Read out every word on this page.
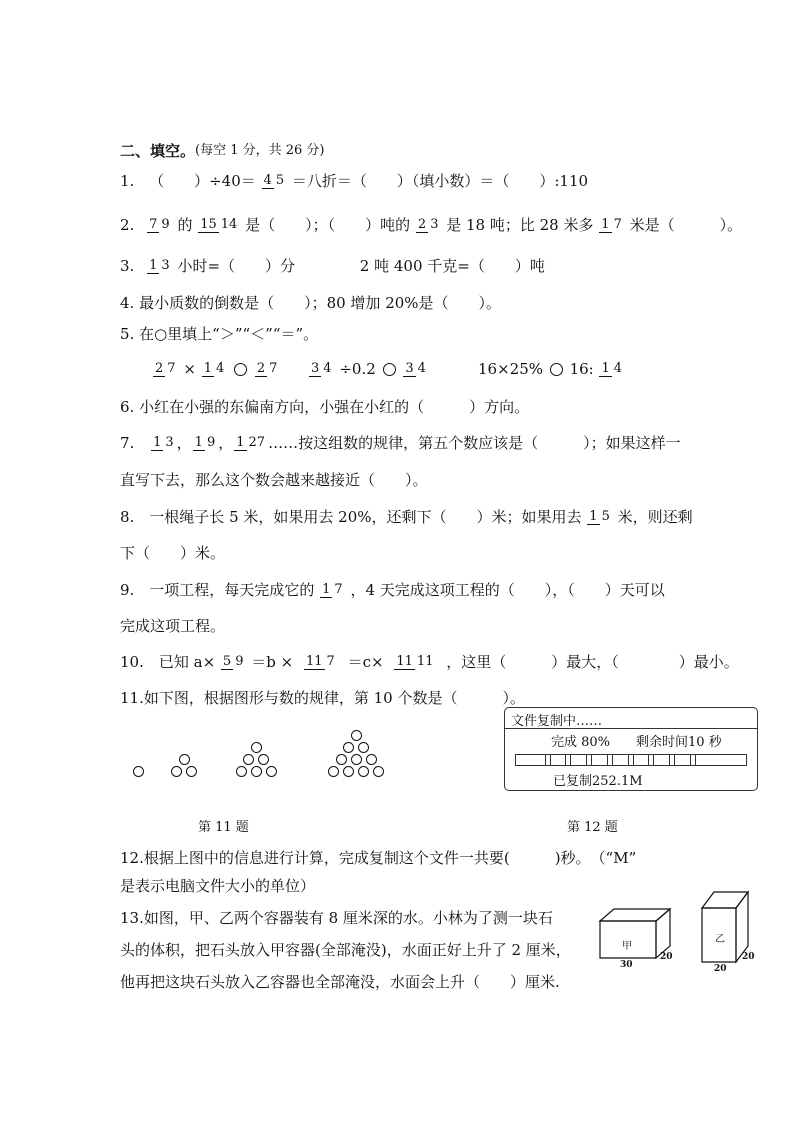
二、填空。(每空 1 分，共 26 分)
1. （　　）÷40＝ 4 5 ＝八折＝（　　）（填小数）＝（　　）:110
2. 7 9 的 15 14 是（　　）；（　　）吨的 2 3 是 18 吨；比 28 米多 1 7 米是（　　　）。
3. 1 3 小时=（　　）分	2 吨 400 千克=（　　）吨
4. 最小质数的倒数是（　　）；80 增加 20%是（　　）。
5. 在○里填上“＞”“＜”“＝”。
2 7 × 1 4	2 7	3 4 ÷0.2 3 4	16×25% 16: 1 4
6. 小红在小强的东偏南方向，小强在小红的（　　　）方向。
7. 1 3 ， 1 9 ， 1 27 ……按这组数的规律，第五个数应该是（　　　）；如果这样一
直写下去，那么这个数会越来越接近（　　）。
8.　一根绳子长 5 米，如果用去 20%，还剩下（　　）米；如果用去 1 5 米，则还剩
下（　　）米。
9.　一项工程，每天完成它的 1 7 ，4 天完成这项工程的（　　），（　　）天可以
完成这项工程。
10.　已知 a× 5 9 ＝b × 11 7 ＝c× 11 11 ，这里（　　　）最大，（　　　　）最小。
11.如下图，根据图形与数的规律，第 10 个数是（　　　）。
第 11 题
文件复制中……
完成 80%　　剩余时间10 秒
已复制252.1M
第 12 题
12.根据上图中的信息进行计算，完成复制这个文件一共要(　　　)秒。　（“M”
是表示电脑文件大小的单位）
13.如图，甲、乙两个容器装有 8 厘米深的水。小林为了测一块石
头的体积，把石头放入甲容器(全部淹没)，水面正好上升了 2 厘米，
他再把这块石头放入乙容器也全部淹没，水面会上升（　　）厘米.
甲
30
20
乙
20
20
